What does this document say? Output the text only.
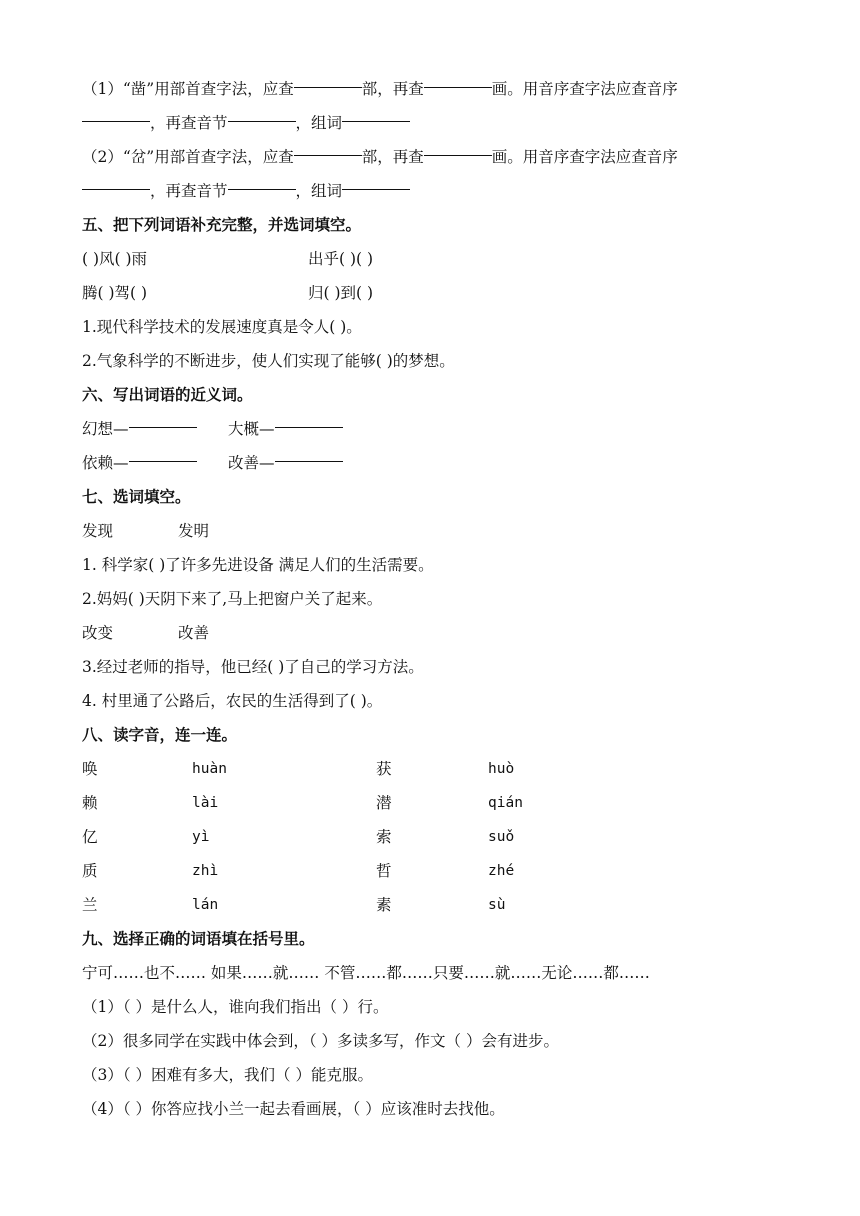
（1）“凿”用部首查字法，应查	部，再查	画。用音序查字法应查音序
，再查音节	，组词
（2）“岔”用部首查字法，应查	部，再查	画。用音序查字法应查音序
，再查音节	，组词
五、把下列词语补充完整，并选词填空。
( )风( )雨	出乎( )( )
腾( )驾( )	归( )到( )
1.现代科学技术的发展速度真是令人( )。
2.气象科学的不断进步，使人们实现了能够( )的梦想。
六、写出词语的近义词。
幻想—	大概—
依赖—	改善—
七、选词填空。
发现	发明
1. 科学家( )了许多先进设备 满足人们的生活需要。
2.妈妈( )天阴下来了,马上把窗户关了起来。
改变	改善
3.经过老师的指导，他已经( )了自己的学习方法。
4. 村里通了公路后，农民的生活得到了( )。
八、读字音，连一连。
唤	huàn	获	huò
赖	lài	潜	qián
亿	yì	索	suǒ
质	zhì	哲	zhé
兰	lán	素	sù
九、选择正确的词语填在括号里。
宁可……也不…… 如果……就…… 不管……都……只要……就……无论……都……
（1）（ ）是什么人，谁向我们指出（ ）行。
（2）很多同学在实践中体会到，（ ）多读多写，作文（ ）会有进步。
（3）（ ）困难有多大，我们（ ）能克服。
（4）（ ）你答应找小兰一起去看画展，（ ）应该准时去找他。
